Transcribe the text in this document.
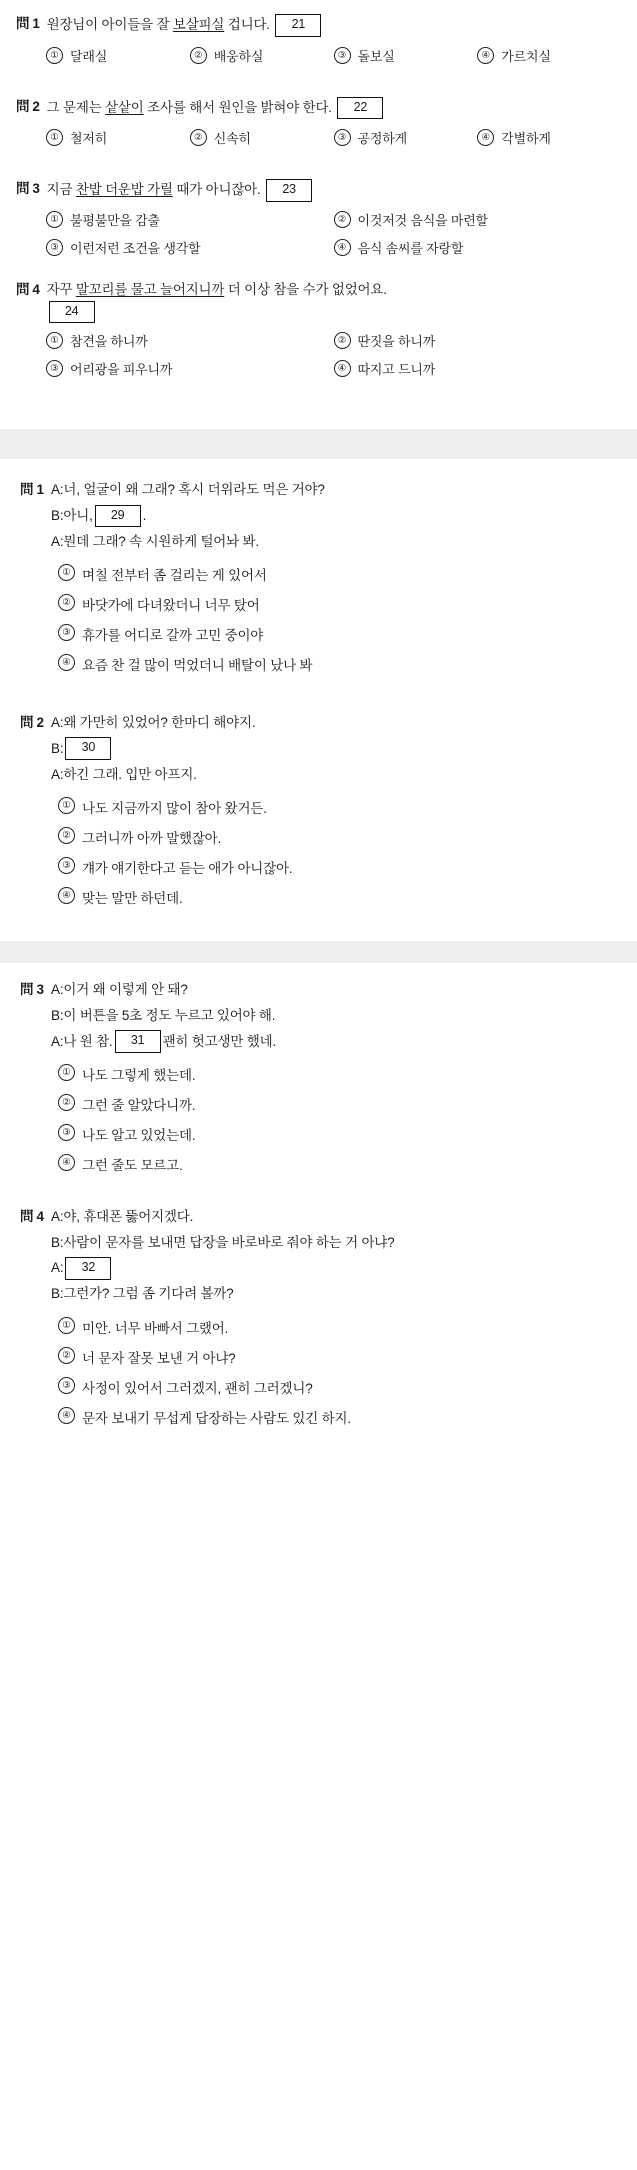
問 1 원장님이 아이들을 잘 보살피실 겁니다. 21
① 달래실	② 배웅하실	③ 돌보실	④ 가르치실
問 2 그 문제는 샅샅이 조사를 해서 원인을 밝혀야 한다. 22
① 철저히	② 신속히	③ 공정하게	④ 각별하게
問 3 지금 찬밥 더운밥 가릴 때가 아니잖아. 23
① 불평불만을 감출	② 이것저것 음식을 마련할
③ 이런저런 조건을 생각할	④ 음식 솜씨를 자랑할
問 4 자꾸 말꼬리를 물고 늘어지니까 더 이상 참을 수가 없었어요.
24
① 참견을 하니까	② 딴짓을 하니까
③ 어리광을 피우니까	④ 따지고 드니까
問 1 A : 너, 얼굴이 왜 그래? 혹시 더위라도 먹은 거야?
B : 아니,	29	.
A : 뭔데 그래? 속 시원하게 털어놔 봐.
① 며칠 전부터 좀 걸리는 게 있어서
② 바닷가에 다녀왔더니 너무 탔어
③ 휴가를 어디로 갈까 고민 중이야
④ 요즘 찬 걸 많이 먹었더니 배탈이 났나 봐
問 2 A : 왜 가만히 있었어? 한마디 해야지.
B :	30
A : 하긴 그래. 입만 아프지.
① 나도 지금까지 많이 참아 왔거든.
② 그러니까 아까 말했잖아.
③ 걔가 얘기한다고 듣는 애가 아니잖아.
④ 맞는 말만 하던데.
問 3 A : 이거 왜 이렇게 안 돼?
B : 이 버튼을 5초 정도 누르고 있어야 해.
A : 나 원 참.	31	괜히 헛고생만 했네.
① 나도 그렇게 했는데.
② 그런 줄 알았다니까.
③ 나도 알고 있었는데.
④ 그런 줄도 모르고.
問 4 A : 야, 휴대폰 뚫어지겠다.
B : 사람이 문자를 보내면 답장을 바로바로 줘야 하는 거 아냐?
A :	32
B : 그런가? 그럼 좀 기다려 볼까?
① 미안. 너무 바빠서 그랬어.
② 너 문자 잘못 보낸 거 아냐?
③ 사정이 있어서 그러겠지, 괜히 그러겠니?
④ 문자 보내기 무섭게 답장하는 사람도 있긴 하지.
